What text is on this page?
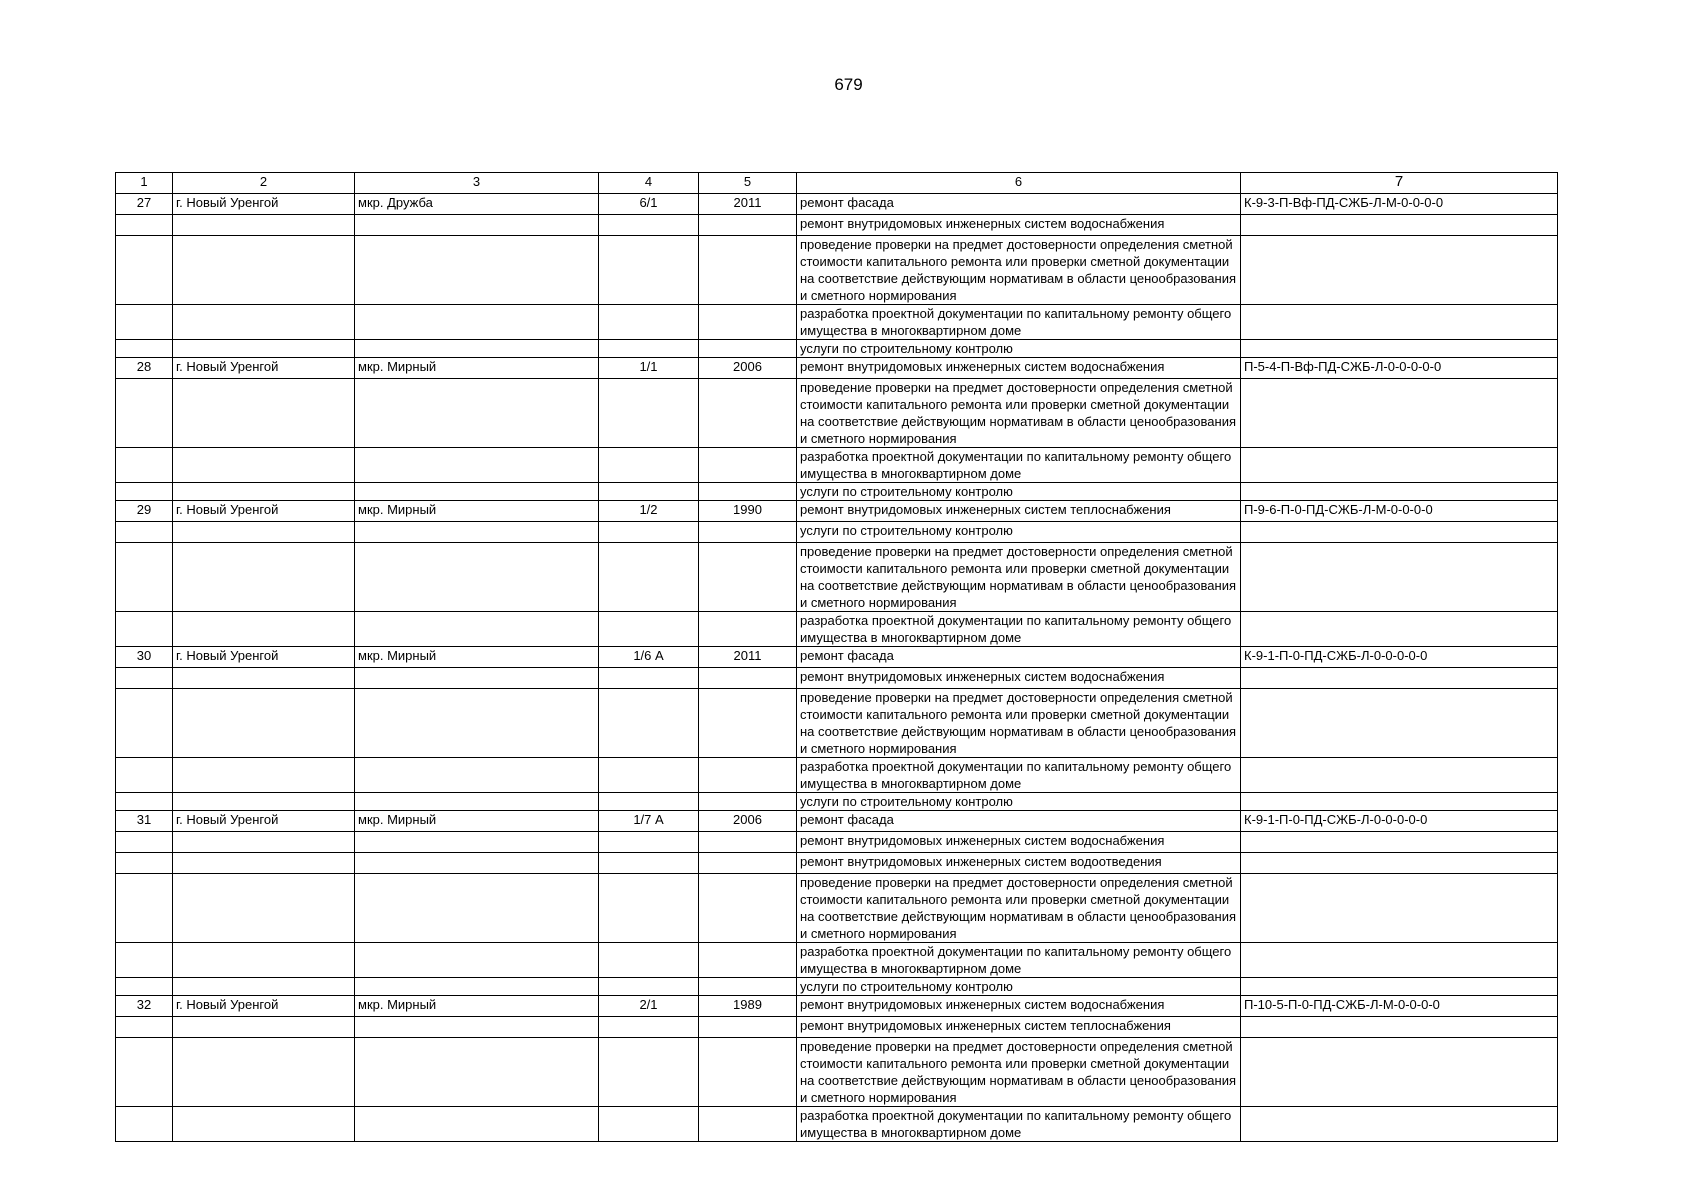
679
1	2	3	4	5	6	7
27	г. Новый Уренгой	мкр. Дружба	6/1	2011	ремонт фасада	К-9-3-П-Вф-ПД-СЖБ-Л-М-0-0-0-0
					ремонт внутридомовых инженерных систем водоснабжения	
					проведение проверки на предмет достоверности определения сметной стоимости капитального ремонта или проверки сметной документации на соответствие действующим нормативам в области ценообразования и сметного нормирования	
					разработка проектной документации по капитальному ремонту общего имущества в многоквартирном доме	
					услуги по строительному контролю	
28	г. Новый Уренгой	мкр. Мирный	1/1	2006	ремонт внутридомовых инженерных систем водоснабжения	П-5-4-П-Вф-ПД-СЖБ-Л-0-0-0-0-0
					проведение проверки на предмет достоверности определения сметной стоимости капитального ремонта или проверки сметной документации на соответствие действующим нормативам в области ценообразования и сметного нормирования	
					разработка проектной документации по капитальному ремонту общего имущества в многоквартирном доме	
					услуги по строительному контролю	
29	г. Новый Уренгой	мкр. Мирный	1/2	1990	ремонт внутридомовых инженерных систем теплоснабжения	П-9-6-П-0-ПД-СЖБ-Л-М-0-0-0-0
					услуги по строительному контролю	
					проведение проверки на предмет достоверности определения сметной стоимости капитального ремонта или проверки сметной документации на соответствие действующим нормативам в области ценообразования и сметного нормирования	
					разработка проектной документации по капитальному ремонту общего имущества в многоквартирном доме	
30	г. Новый Уренгой	мкр. Мирный	1/6 А	2011	ремонт фасада	К-9-1-П-0-ПД-СЖБ-Л-0-0-0-0-0
					ремонт внутридомовых инженерных систем водоснабжения	
					проведение проверки на предмет достоверности определения сметной стоимости капитального ремонта или проверки сметной документации на соответствие действующим нормативам в области ценообразования и сметного нормирования	
					разработка проектной документации по капитальному ремонту общего имущества в многоквартирном доме	
					услуги по строительному контролю	
31	г. Новый Уренгой	мкр. Мирный	1/7 А	2006	ремонт фасада	К-9-1-П-0-ПД-СЖБ-Л-0-0-0-0-0
					ремонт внутридомовых инженерных систем водоснабжения	
					ремонт внутридомовых инженерных систем водоотведения	
					проведение проверки на предмет достоверности определения сметной стоимости капитального ремонта или проверки сметной документации на соответствие действующим нормативам в области ценообразования и сметного нормирования	
					разработка проектной документации по капитальному ремонту общего имущества в многоквартирном доме	
					услуги по строительному контролю	
32	г. Новый Уренгой	мкр. Мирный	2/1	1989	ремонт внутридомовых инженерных систем водоснабжения	П-10-5-П-0-ПД-СЖБ-Л-М-0-0-0-0
					ремонт внутридомовых инженерных систем теплоснабжения	
					проведение проверки на предмет достоверности определения сметной стоимости капитального ремонта или проверки сметной документации на соответствие действующим нормативам в области ценообразования и сметного нормирования	
					разработка проектной документации по капитальному ремонту общего имущества в многоквартирном доме	
